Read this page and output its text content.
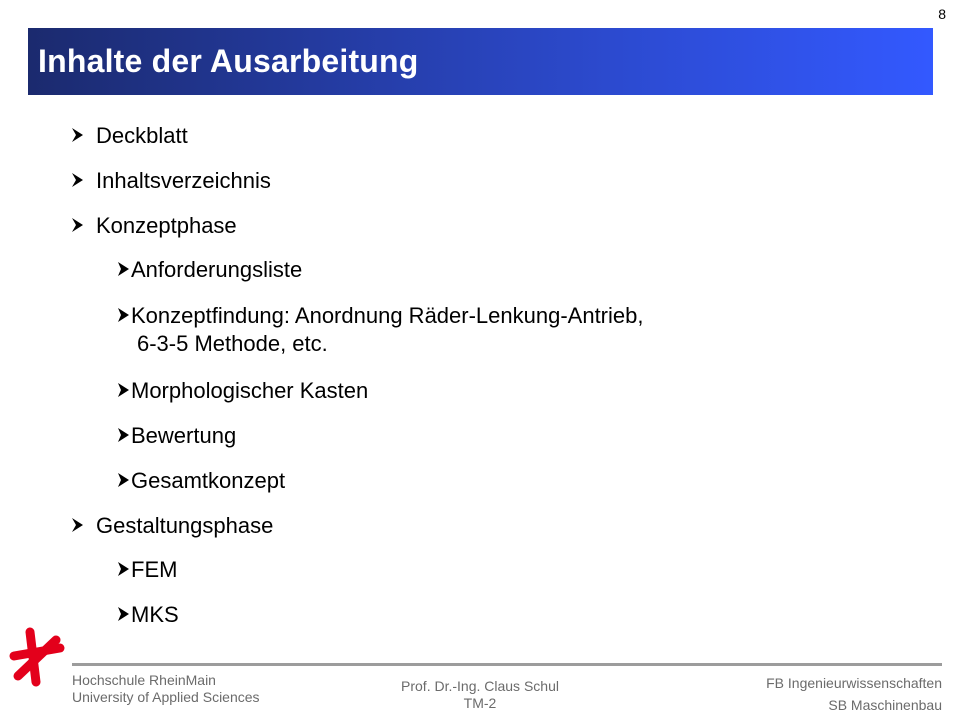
8
Inhalte der Ausarbeitung
Deckblatt
Inhaltsverzeichnis
Konzeptphase
Anforderungsliste
Konzeptfindung: Anordnung Räder-Lenkung-Antrieb,
6-3-5 Methode, etc.
Morphologischer Kasten
Bewertung
Gesamtkonzept
Gestaltungsphase
FEM
MKS
Hochschule RheinMain
University of Applied Sciences
Prof. Dr.-Ing. Claus Schul
TM-2
FB Ingenieurwissenschaften
SB Maschinenbau
